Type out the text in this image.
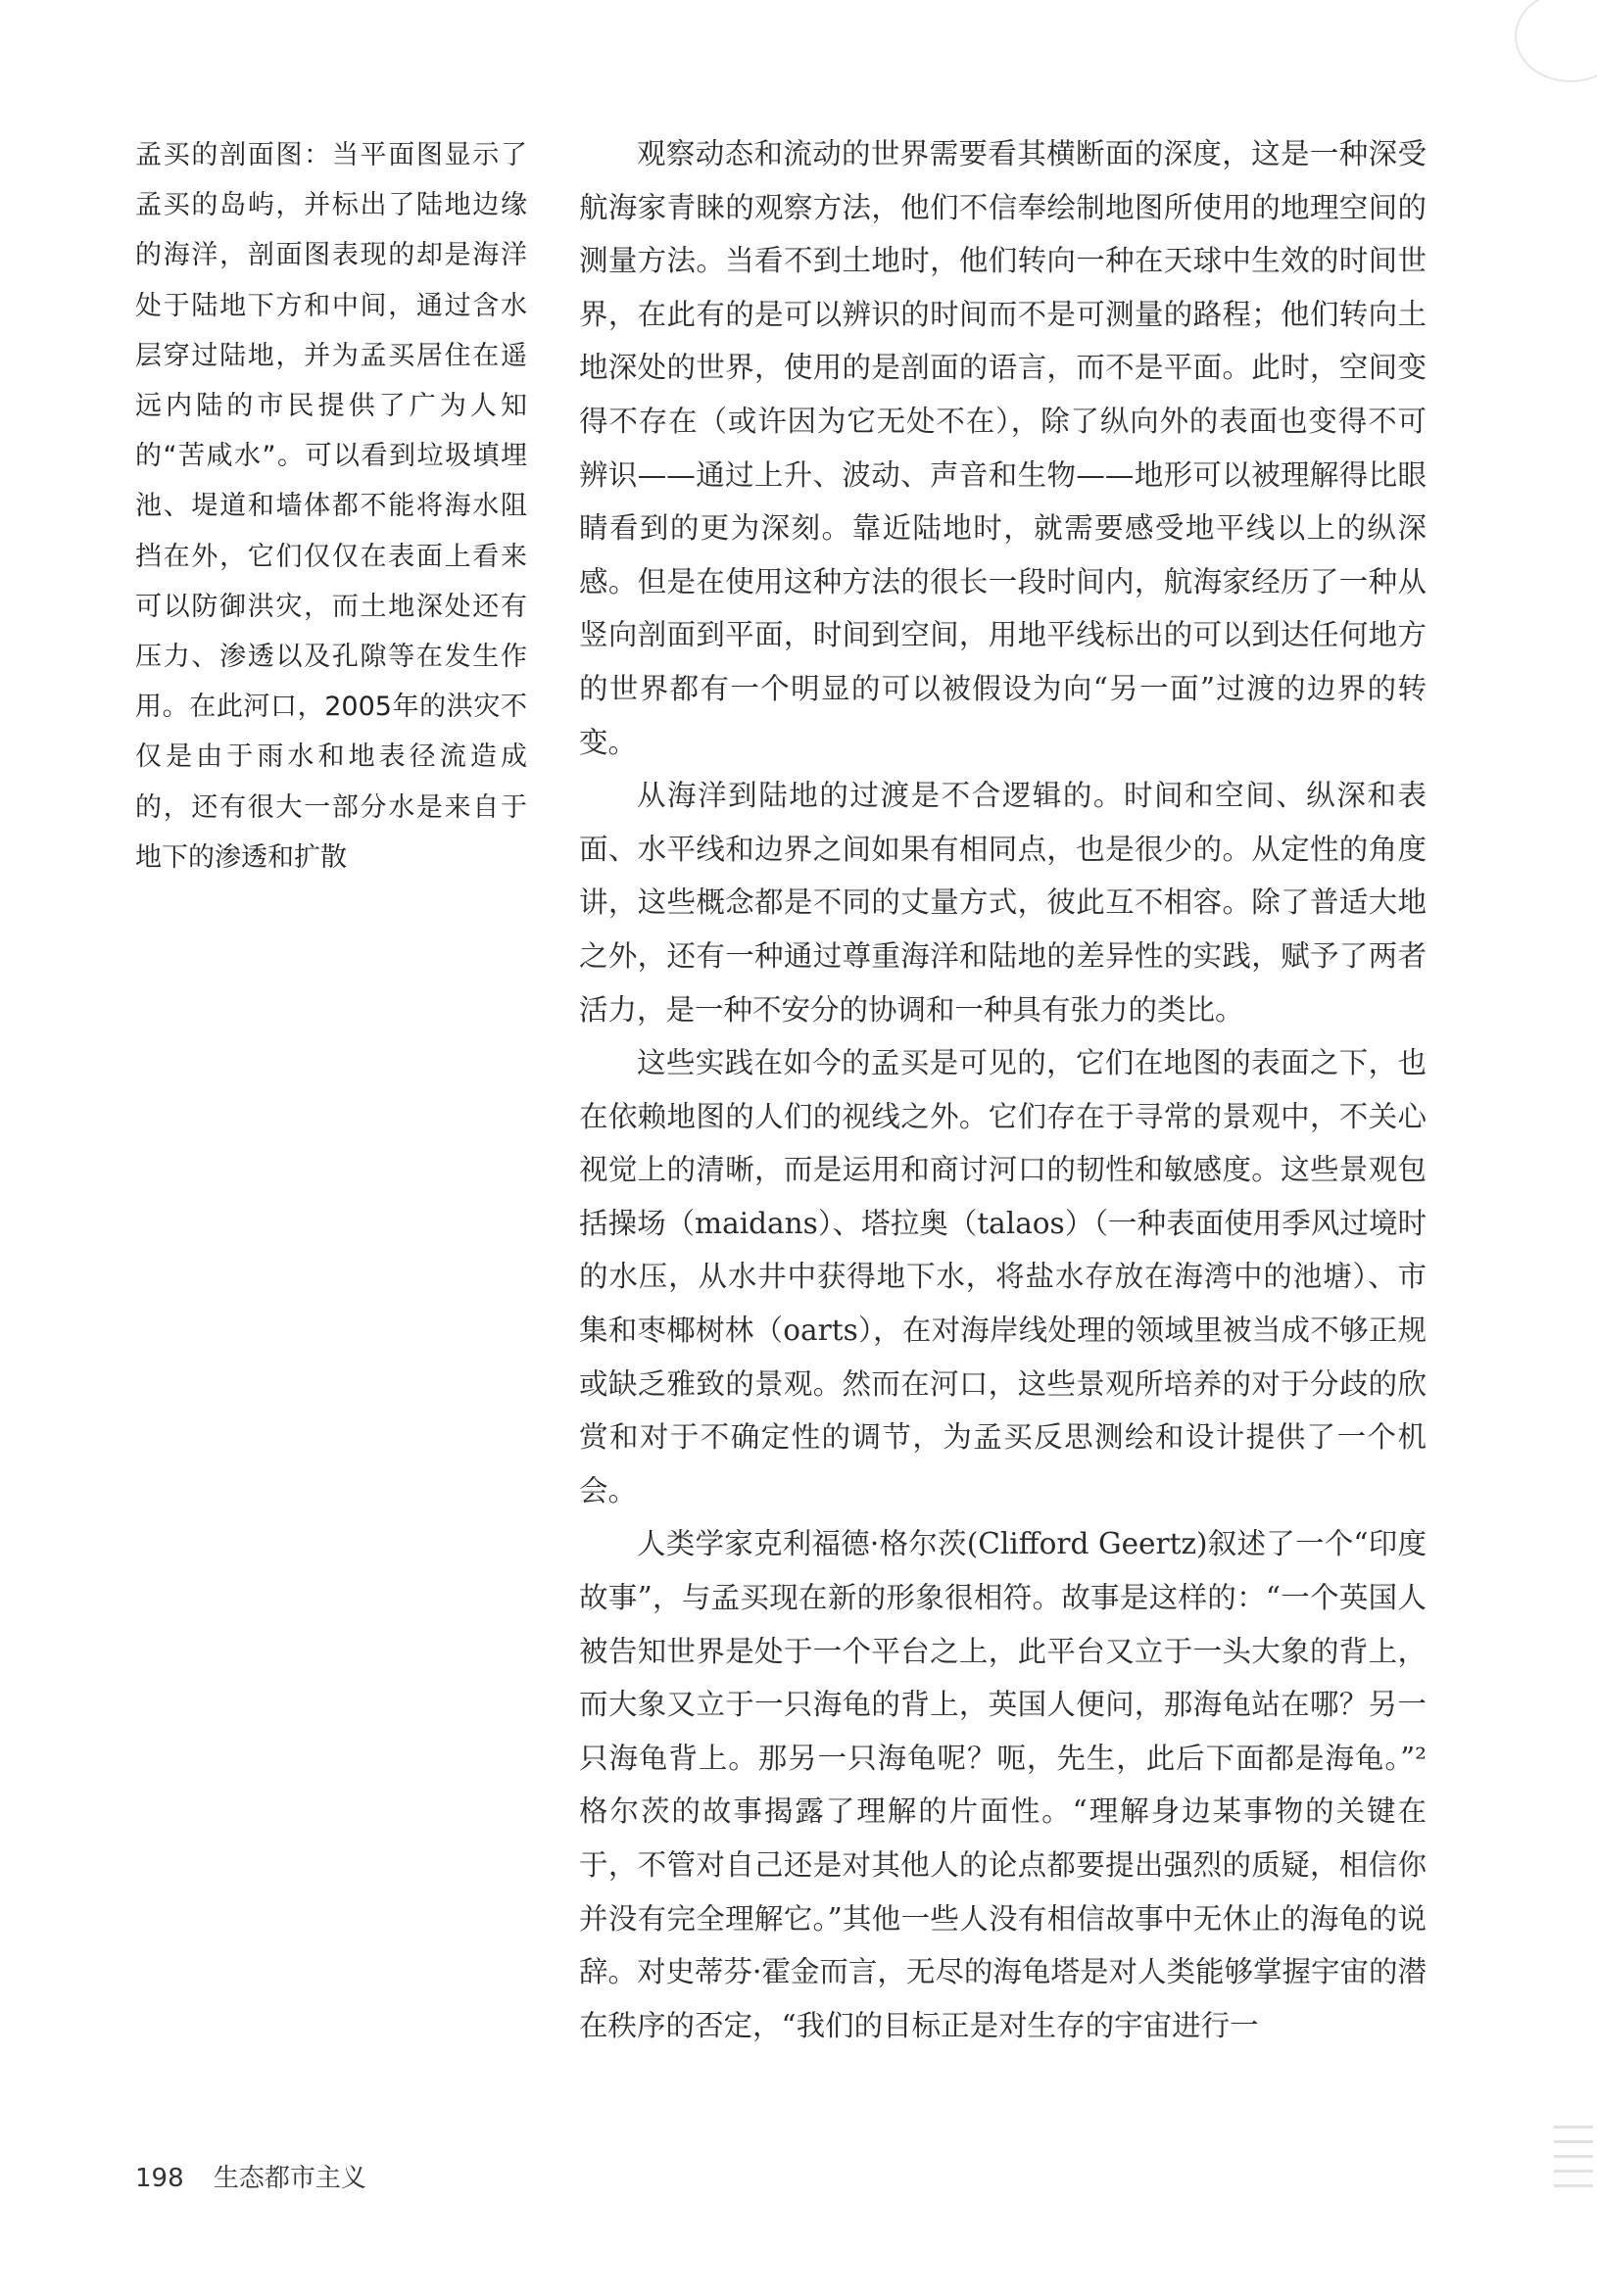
孟买的剖面图：当平面图显示了孟买的岛屿，并标出了陆地边缘的海洋，剖面图表现的却是海洋处于陆地下方和中间，通过含水层穿过陆地，并为孟买居住在遥远内陆的市民提供了广为人知的“苦咸水”。可以看到垃圾填埋池、堤道和墙体都不能将海水阻挡在外，它们仅仅在表面上看来可以防御洪灾，而土地深处还有压力、渗透以及孔隙等在发生作用。在此河口，2005年的洪灾不仅是由于雨水和地表径流造成的，还有很大一部分水是来自于地下的渗透和扩散

观察动态和流动的世界需要看其横断面的深度，这是一种深受航海家青睐的观察方法，他们不信奉绘制地图所使用的地理空间的测量方法。当看不到土地时，他们转向一种在天球中生效的时间世界，在此有的是可以辨识的时间而不是可测量的路程；他们转向土地深处的世界，使用的是剖面的语言，而不是平面。此时，空间变得不存在（或许因为它无处不在），除了纵向外的表面也变得不可辨识——通过上升、波动、声音和生物——地形可以被理解得比眼睛看到的更为深刻。靠近陆地时，就需要感受地平线以上的纵深感。但是在使用这种方法的很长一段时间内，航海家经历了一种从竖向剖面到平面，时间到空间，用地平线标出的可以到达任何地方的世界都有一个明显的可以被假设为向“另一面”过渡的边界的转变。

从海洋到陆地的过渡是不合逻辑的。时间和空间、纵深和表面、水平线和边界之间如果有相同点，也是很少的。从定性的角度讲，这些概念都是不同的丈量方式，彼此互不相容。除了普适大地之外，还有一种通过尊重海洋和陆地的差异性的实践，赋予了两者活力，是一种不安分的协调和一种具有张力的类比。

这些实践在如今的孟买是可见的，它们在地图的表面之下，也在依赖地图的人们的视线之外。它们存在于寻常的景观中，不关心视觉上的清晰，而是运用和商讨河口的韧性和敏感度。这些景观包括操场（maidans）、塔拉奥（talaos）（一种表面使用季风过境时的水压，从水井中获得地下水，将盐水存放在海湾中的池塘）、市集和枣椰树林（oarts），在对海岸线处理的领域里被当成不够正规或缺乏雅致的景观。然而在河口，这些景观所培养的对于分歧的欣赏和对于不确定性的调节，为孟买反思测绘和设计提供了一个机会。

人类学家克利福德·格尔茨(Clifford Geertz)叙述了一个“印度故事”，与孟买现在新的形象很相符。故事是这样的：“一个英国人被告知世界是处于一个平台之上，此平台又立于一头大象的背上，而大象又立于一只海龟的背上，英国人便问，那海龟站在哪？另一只海龟背上。那另一只海龟呢？呃，先生，此后下面都是海龟。”²格尔茨的故事揭露了理解的片面性。“理解身边某事物的关键在于，不管对自己还是对其他人的论点都要提出强烈的质疑，相信你并没有完全理解它。”其他一些人没有相信故事中无休止的海龟的说辞。对史蒂芬·霍金而言，无尽的海龟塔是对人类能够掌握宇宙的潜在秩序的否定，“我们的目标正是对生存的宇宙进行一

198 生态都市主义
